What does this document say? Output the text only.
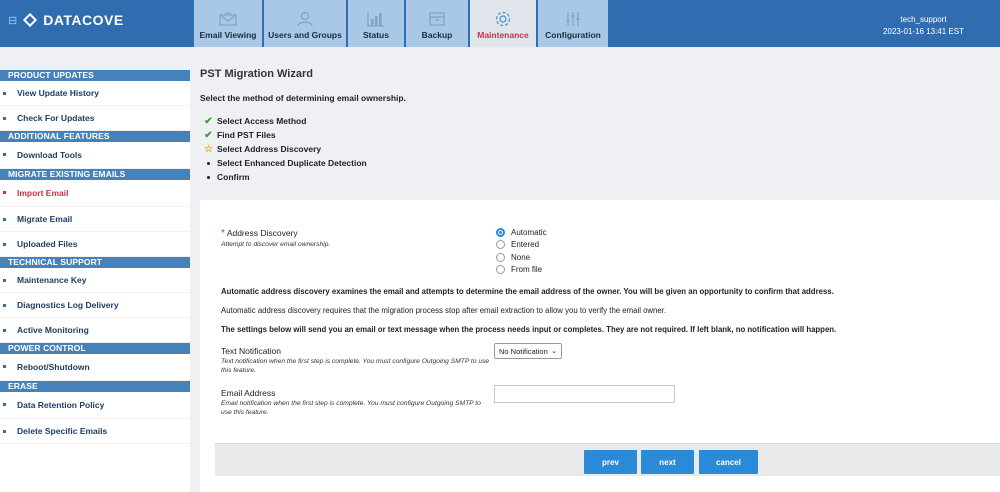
⊟ DATACOVE
Email Viewing Users and Groups Status	Backup	Maintenance Configuration
tech_support
2023-01-16 13:41 EST
PRODUCT UPDATES
View Update History
Check For Updates
ADDITIONAL FEATURES
Download Tools
MIGRATE EXISTING EMAILS
Import Email
Migrate Email
Uploaded Files
TECHNICAL SUPPORT
Maintenance Key
Diagnostics Log Delivery
Active Monitoring
POWER CONTROL
Reboot/Shutdown
ERASE
Data Retention Policy
Delete Specific Emails
PST Migration Wizard
Select the method of determining email ownership.
✔ Select Access Method
✔ Find PST Files
☆ Select Address Discovery
Select Enhanced Duplicate Detection
Confirm
* Address Discovery
Attempt to discover email ownership.
Automatic
Entered
None
From file
Automatic address discovery examines the email and attempts to determine the email address of the owner. You will be given an opportunity to confirm that address.
Automatic address discovery requires that the migration process stop after email extraction to allow you to verify the email owner.
The settings below will send you an email or text message when the process needs input or completes. They are not required. If left blank, no notification will happen.
Text Notification
Text notification when the first step is complete. You must configure Outgoing SMTP to use this feature.
No Notification ⌄
Email Address
Email notification when the first step is complete. You must configure Outgoing SMTP to use this feature.
prev	next	cancel
